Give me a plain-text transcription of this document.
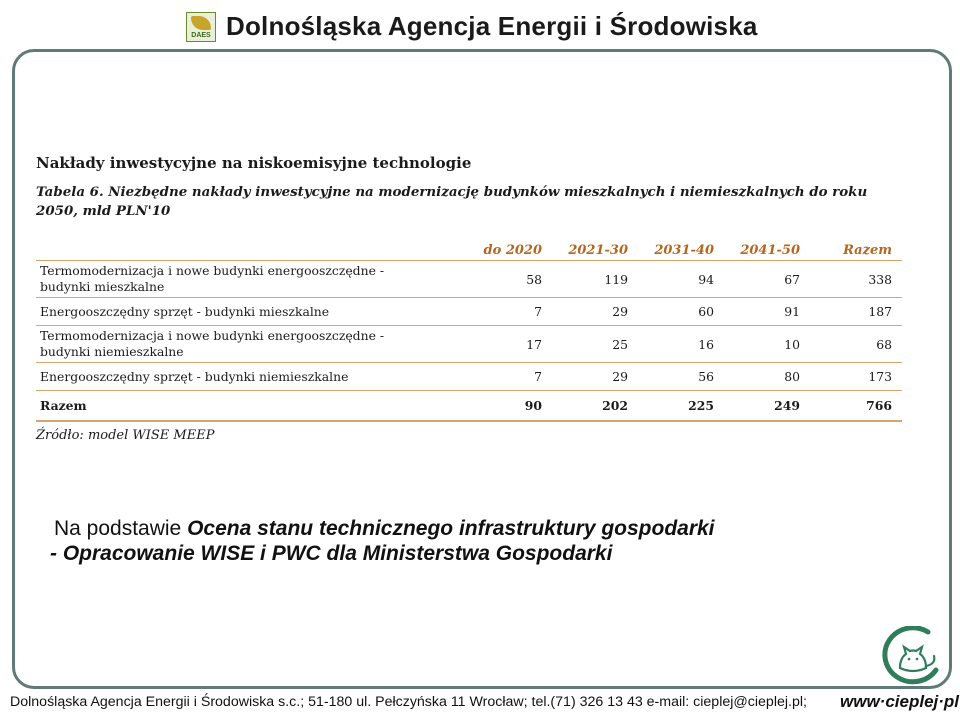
DAES Dolnośląska Agencja Energii i Środowiska
Nakłady inwestycyjne na niskoemisyjne technologie
Tabela 6. Niezbędne nakłady inwestycyjne na modernizację budynków mieszkalnych i niemieszkalnych do roku 2050, mld PLN'10
	do 2020	2021-30	2031-40	2041-50	Razem
Termomodernizacja i nowe budynki energooszczędne -
budynki mieszkalne	58	119	94	67	338
Energooszczędny sprzęt - budynki mieszkalne	7	29	60	91	187
Termomodernizacja i nowe budynki energooszczędne -
budynki niemieszkalne	17	25	16	10	68
Energooszczędny sprzęt - budynki niemieszkalne	7	29	56	80	173
Razem	90	202	225	249	766
Źródło: model WISE MEEP
Na podstawie Ocena stanu technicznego infrastruktury gospodarki
- Opracowanie WISE i PWC dla Ministerstwa Gospodarki
Dolnośląska Agencja Energii i Środowiska s.c.; 51-180 ul. Pełczyńska 11 Wrocław; tel.(71) 326 13 43 e-mail: cieplej@cieplej.pl; www·cieplej·pl
